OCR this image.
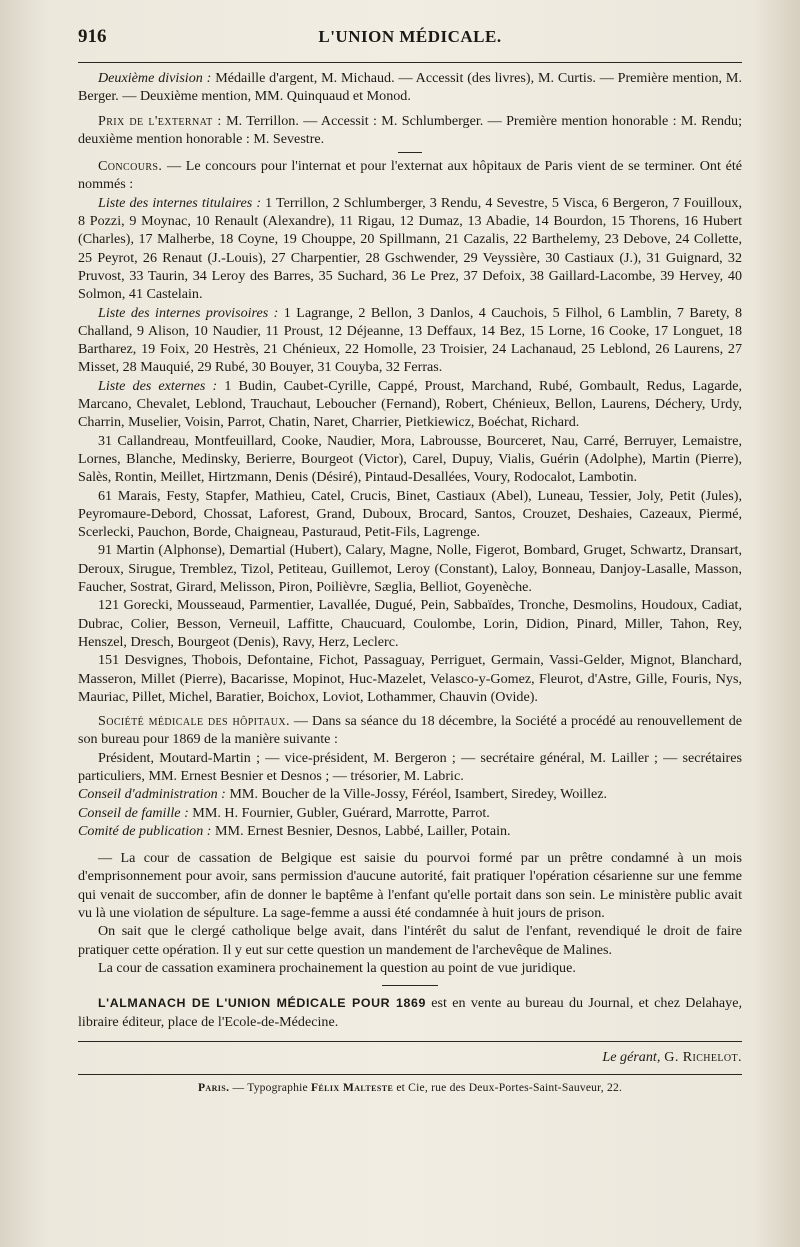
916	L'UNION MÉDICALE.

Deuxième division : Médaille d'argent, M. Michaud. — Accessit (des livres), M. Curtis. — Première mention, M. Berger. — Deuxième mention, MM. Quinquaud et Monod.

Prix de l'externat : M. Terrillon. — Accessit : M. Schlumberger. — Première mention honorable : M. Rendu; deuxième mention honorable : M. Sevestre.

Concours. — Le concours pour l'internat et pour l'externat aux hôpitaux de Paris vient de se terminer. Ont été nommés :

Liste des internes titulaires : 1 Terrillon, 2 Schlumberger, 3 Rendu, 4 Sevestre, 5 Visca, 6 Bergeron, 7 Fouilloux, 8 Pozzi, 9 Moynac, 10 Renault (Alexandre), 11 Rigau, 12 Dumaz, 13 Abadie, 14 Bourdon, 15 Thorens, 16 Hubert (Charles), 17 Malherbe, 18 Coyne, 19 Chouppe, 20 Spillmann, 21 Cazalis, 22 Barthelemy, 23 Debove, 24 Collette, 25 Peyrot, 26 Renaut (J.-Louis), 27 Charpentier, 28 Gschwender, 29 Veyssière, 30 Castiaux (J.), 31 Guignard, 32 Pruvost, 33 Taurin, 34 Leroy des Barres, 35 Suchard, 36 Le Prez, 37 Defoix, 38 Gaillard-Lacombe, 39 Hervey, 40 Solmon, 41 Castelain.

Liste des internes provisoires : 1 Lagrange, 2 Bellon, 3 Danlos, 4 Cauchois, 5 Filhol, 6 Lamblin, 7 Barety, 8 Challand, 9 Alison, 10 Naudier, 11 Proust, 12 Déjeanne, 13 Deffaux, 14 Bez, 15 Lorne, 16 Cooke, 17 Longuet, 18 Bartharez, 19 Foix, 20 Hestrès, 21 Chénieux, 22 Homolle, 23 Troisier, 24 Lachanaud, 25 Leblond, 26 Laurens, 27 Misset, 28 Mauquié, 29 Rubé, 30 Bouyer, 31 Couyba, 32 Ferras.

Liste des externes : 1 Budin, Caubet-Cyrille, Cappé, Proust, Marchand, Rubé, Gombault, Redus, Lagarde, Marcano, Chevalet, Leblond, Trauchaut, Leboucher (Fernand), Robert, Chénieux, Bellon, Laurens, Déchery, Urdy, Charrin, Muselier, Voisin, Parrot, Chatin, Naret, Charrier, Pietkiewicz, Boéchat, Richard.

31 Callandreau, Montfeuillard, Cooke, Naudier, Mora, Labrousse, Bourceret, Nau, Carré, Berruyer, Lemaistre, Lornes, Blanche, Medinsky, Berierre, Bourgeot (Victor), Carel, Dupuy, Vialis, Guérin (Adolphe), Martin (Pierre), Salès, Rontin, Meillet, Hirtzmann, Denis (Désiré), Pintaud-Desallées, Voury, Rodocalot, Lambotin.

61 Marais, Festy, Stapfer, Mathieu, Catel, Crucis, Binet, Castiaux (Abel), Luneau, Tessier, Joly, Petit (Jules), Peyromaure-Debord, Chossat, Laforest, Grand, Duboux, Brocard, Santos, Crouzet, Deshaies, Cazeaux, Piermé, Scerlecki, Pauchon, Borde, Chaigneau, Pasturaud, Petit-Fils, Lagrenge.

91 Martin (Alphonse), Demartial (Hubert), Calary, Magne, Nolle, Figerot, Bombard, Gruget, Schwartz, Dransart, Deroux, Sirugue, Tremblez, Tizol, Petiteau, Guillemot, Leroy (Constant), Laloy, Bonneau, Danjoy-Lasalle, Masson, Faucher, Sostrat, Girard, Melisson, Piron, Poilièvre, Sæglia, Belliot, Goyenèche.

121 Gorecki, Mousseaud, Parmentier, Lavallée, Dugué, Pein, Sabbaïdes, Tronche, Desmolins, Houdoux, Cadiat, Dubrac, Colier, Besson, Verneuil, Laffitte, Chaucuard, Coulombe, Lorin, Didion, Pinard, Miller, Tahon, Rey, Henszel, Dresch, Bourgeot (Denis), Ravy, Herz, Leclerc.

151 Desvignes, Thobois, Defontaine, Fichot, Passaguay, Perriguet, Germain, Vassi-Gelder, Mignot, Blanchard, Masseron, Millet (Pierre), Bacarisse, Mopinot, Huc-Mazelet, Velasco-y-Gomez, Fleurot, d'Astre, Gille, Fouris, Nys, Mauriac, Pillet, Michel, Baratier, Boichox, Loviot, Lothammer, Chauvin (Ovide).

Société médicale des hôpitaux. — Dans sa séance du 18 décembre, la Société a procédé au renouvellement de son bureau pour 1869 de la manière suivante :

Président, Moutard-Martin ; — vice-président, M. Bergeron ; — secrétaire général, M. Lailler ; — secrétaires particuliers, MM. Ernest Besnier et Desnos ; — trésorier, M. Labric.

Conseil d'administration : MM. Boucher de la Ville-Jossy, Féréol, Isambert, Siredey, Woillez.

Conseil de famille : MM. H. Fournier, Gubler, Guérard, Marrotte, Parrot.

Comité de publication : MM. Ernest Besnier, Desnos, Labbé, Lailler, Potain.

— La cour de cassation de Belgique est saisie du pourvoi formé par un prêtre condamné à un mois d'emprisonnement pour avoir, sans permission d'aucune autorité, fait pratiquer l'opération césarienne sur une femme qui venait de succomber, afin de donner le baptême à l'enfant qu'elle portait dans son sein. Le ministère public avait vu là une violation de sépulture. La sage-femme a aussi été condamnée à huit jours de prison.

On sait que le clergé catholique belge avait, dans l'intérêt du salut de l'enfant, revendiqué le droit de faire pratiquer cette opération. Il y eut sur cette question un mandement de l'archevêque de Malines.

La cour de cassation examinera prochainement la question au point de vue juridique.

L'ALMANACH DE L'UNION MÉDICALE POUR 1869 est en vente au bureau du Journal, et chez Delahaye, libraire éditeur, place de l'Ecole-de-Médecine.

Le gérant, G. Richelot.
Paris. — Typographie Félix Malteste et Cie, rue des Deux-Portes-Saint-Sauveur, 22.
